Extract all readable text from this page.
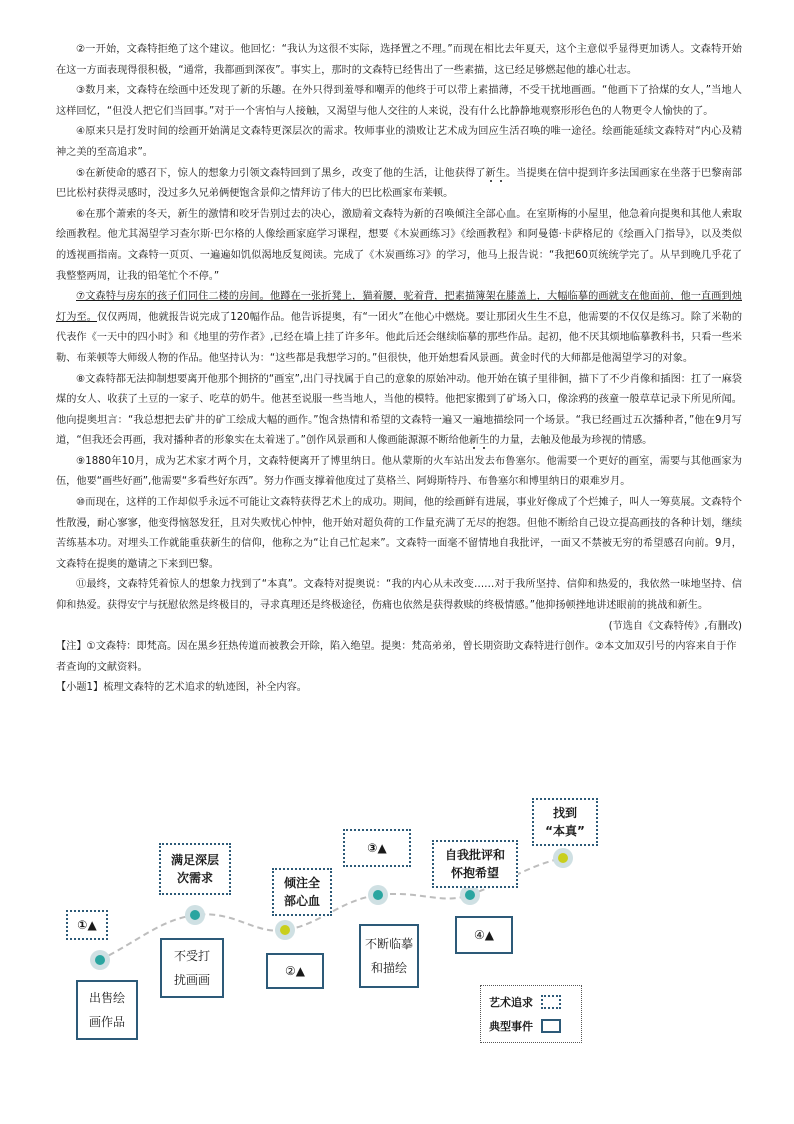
②一开始，文森特拒绝了这个建议。他回忆：“我认为这很不实际，选择置之不理。”而现在相比去年夏天，这个主意似乎显得更加诱人。文森特开始在这一方面表现得很积极，“通常，我都画到深夜”。事实上，那时的文森特已经售出了一些素描，这已经足够燃起他的雄心壮志。

③数月来，文森特在绘画中还发现了新的乐趣。在外只得到羞辱和嘲弄的他终于可以带上素描薄，不受干扰地画画。“他画下了拾煤的女人，”当地人这样回忆，“但没人把它们当回事。”对于一个害怕与人接触，又渴望与他人交往的人来说，没有什么比静静地观察形形色色的人物更令人愉快的了。

④原来只是打发时间的绘画开始满足文森特更深层次的需求。牧师事业的溃败让艺术成为回应生活召唤的唯一途径。绘画能延续文森特对“内心及精神之美的至高追求”。

⑤在新使命的感召下，惊人的想象力引领文森特回到了黑乡，改变了他的生活，让他获得了新生。当提奥在信中提到许多法国画家在坐落于巴黎南部巴比松村获得灵感时，没过多久兄弟俩便饱含景仰之情拜访了伟大的巴比松画家布莱顿。

⑥在那个萧索的冬天，新生的激情和咬牙告别过去的决心，激励着文森特为新的召唤倾注全部心血。在室斯梅的小屋里，他急着向提奥和其他人索取绘画教程。他尤其渴望学习查尔斯·巴尔格的人像绘画家庭学习课程，想要《木炭画练习》《绘画教程》和阿曼德·卡萨格尼的《绘画入门指导》，以及类似的透视画指南。文森特一页页、一遍遍如饥似渴地反复阅读。完成了《木炭画练习》的学习，他马上报告说：“我把60页统统学完了。从早到晚几乎花了我整整两周，让我的铅笔忙个不停。”

⑦文森特与房东的孩子们同住二楼的房间。他蹲在一张折凳上，猫着腰，驼着背，把素描簿架在膝盖上，大幅临摹的画就支在他面前，他一直画到烛灯为至。仅仅两周，他就报告说完成了120幅作品。他告诉提奥，有“一团火”在他心中燃烧。要让那团火生生不息，他需要的不仅仅是练习。除了米勒的代表作《一天中的四小时》和《地里的劳作者》,已经在墙上挂了许多年。他此后还会继续临摹的那些作品。起初，他不厌其烦地临摹教科书，只看一些米勒、布莱顿等大师级人物的作品。他坚持认为：“这些都是我想学习的。”但很快，他开始想看风景画。黄金时代的大师都是他渴望学习的对象。

⑧文森特都无法抑制想要离开他那个拥挤的“画室”,出门寻找属于自己的意象的原始冲动。他开始在镇子里徘徊，描下了不少肖像和插图：扛了一麻袋煤的女人、收获了土豆的一家子、吃草的奶牛。他甚至说服一些当地人，当他的模特。他把家搬到了矿场入口，像涂鸦的孩童一般草草记录下所见所闻。他向提奥坦言：“我总想把去矿井的矿工绘成大幅的画作。”饱含热情和希望的文森特一遍又一遍地描绘同一个场景。“我已经画过五次播种者，”他在9月写道，“但我还会再画，我对播种者的形象实在太着迷了。”创作风景画和人像画能源源不断给他新生的力量，去触及他最为珍视的情感。

⑨1880年10月，成为艺术家才两个月，文森特便离开了博里纳日。他从蒙斯的火车站出发去布鲁塞尔。他需要一个更好的画室，需要与其他画家为伍，他要“画些好画”,他需要“多看些好东西”。努力作画支撑着他度过了莫格兰、阿姆斯特丹、布鲁塞尔和博里纳日的艰难岁月。

⑩而现在，这样的工作却似乎永远不可能让文森特获得艺术上的成功。期间，他的绘画鲜有进展，事业好像成了个烂摊子，叫人一筹莫展。文森特个性散漫，耐心寥寥，他变得恼怒发狂，且对失败忧心忡忡，他开始对超负荷的工作量充满了无尽的抱怨。但他不断给自己设立提高画技的各种计划，继续苦练基本功。对埋头工作就能重获新生的信仰，他称之为“让自己忙起来”。文森特一面毫不留情地自我批评，一面又不禁被无穷的希望感召向前。9月，文森特在提奥的邀请之下来到巴黎。

⑪最终，文森特凭着惊人的想象力找到了“本真”。文森特对提奥说：“我的内心从未改变……对于我所坚持、信仰和热爱的，我依然一味地坚持、信仰和热爱。获得安宁与抚慰依然是终极目的，寻求真理还是终极途径，伤痛也依然是获得救赎的终极情感。”他抑扬顿挫地讲述眼前的挑战和新生。

(节选自《文森特传》,有删改)

【注】①文森特：即梵高。因在黑乡狂热传道而被教会开除，陷入绝望。提奥：梵高弟弟，曾长期资助文森特进行创作。②本文加双引号的内容来自于作者查询的文献资料。

【小题1】梳理文森特的艺术追求的轨迹图，补全内容。

①▲
满足深层
次需求	倾注全
部心血
③▲	自我批评和
怀抱希望
找到
“本真”
出售绘
画作品
不受打
扰画画
②▲
不断临摹
和描绘
④▲
艺术追求
典型事件
